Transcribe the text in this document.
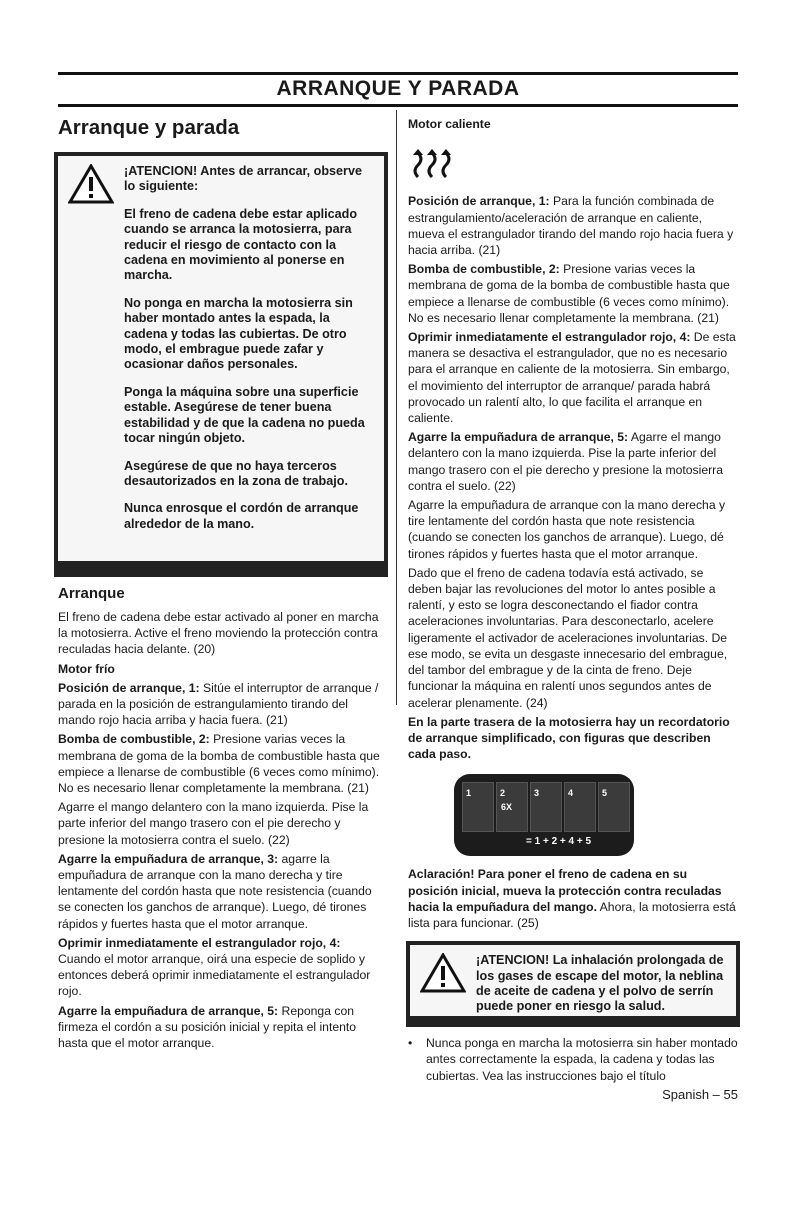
ARRANQUE Y PARADA
Arranque y parada

¡ATENCION! Antes de arrancar, observe lo siguiente:

El freno de cadena debe estar aplicado cuando se arranca la motosierra, para reducir el riesgo de contacto con la cadena en movimiento al ponerse en marcha.

No ponga en marcha la motosierra sin haber montado antes la espada, la cadena y todas las cubiertas. De otro modo, el embrague puede zafar y ocasionar daños personales.

Ponga la máquina sobre una superficie estable. Asegúrese de tener buena estabilidad y de que la cadena no pueda tocar ningún objeto.

Asegúrese de que no haya terceros desautorizados en la zona de trabajo.

Nunca enrosque el cordón de arranque alrededor de la mano.

Arranque

El freno de cadena debe estar activado al poner en marcha la motosierra. Active el freno moviendo la protección contra reculadas hacia delante. (20)

Motor frío

Posición de arranque, 1: Sitúe el interruptor de arranque / parada en la posición de estrangulamiento tirando del mando rojo hacia arriba y hacia fuera. (21)

Bomba de combustible, 2: Presione varias veces la membrana de goma de la bomba de combustible hasta que empiece a llenarse de combustible (6 veces como mínimo). No es necesario llenar completamente la membrana. (21)

Agarre el mango delantero con la mano izquierda. Pise la parte inferior del mango trasero con el pie derecho y presione la motosierra contra el suelo. (22)

Agarre la empuñadura de arranque, 3: agarre la empuñadura de arranque con la mano derecha y tire lentamente del cordón hasta que note resistencia (cuando se conecten los ganchos de arranque). Luego, dé tirones rápidos y fuertes hasta que el motor arranque.

Oprimir inmediatamente el estrangulador rojo, 4: Cuando el motor arranque, oirá una especie de soplido y entonces deberá oprimir inmediatamente el estrangulador rojo.

Agarre la empuñadura de arranque, 5: Reponga con firmeza el cordón a su posición inicial y repita el intento hasta que el motor arranque.

Motor caliente

Posición de arranque, 1: Para la función combinada de estrangulamiento/aceleración de arranque en caliente, mueva el estrangulador tirando del mando rojo hacia fuera y hacia arriba. (21)

Bomba de combustible, 2: Presione varias veces la membrana de goma de la bomba de combustible hasta que empiece a llenarse de combustible (6 veces como mínimo). No es necesario llenar completamente la membrana. (21)

Oprimir inmediatamente el estrangulador rojo, 4: De esta manera se desactiva el estrangulador, que no es necesario para el arranque en caliente de la motosierra. Sin embargo, el movimiento del interruptor de arranque/ parada habrá provocado un ralentí alto, lo que facilita el arranque en caliente.

Agarre la empuñadura de arranque, 5: Agarre el mango delantero con la mano izquierda. Pise la parte inferior del mango trasero con el pie derecho y presione la motosierra contra el suelo. (22)

Agarre la empuñadura de arranque con la mano derecha y tire lentamente del cordón hasta que note resistencia (cuando se conecten los ganchos de arranque). Luego, dé tirones rápidos y fuertes hasta que el motor arranque.

Dado que el freno de cadena todavía está activado, se deben bajar las revoluciones del motor lo antes posible a ralentí, y esto se logra desconectando el fiador contra aceleraciones involuntarias. Para desconectarlo, acelere ligeramente el activador de aceleraciones involuntarias. De ese modo, se evita un desgaste innecesario del embrague, del tambor del embrague y de la cinta de freno. Deje funcionar la máquina en ralentí unos segundos antes de acelerar plenamente. (24)

En la parte trasera de la motosierra hay un recordatorio de arranque simplificado, con figuras que describen cada paso.

1	2
6X
3	4	5
= 1 + 2 + 4 + 5

Aclaración! Para poner el freno de cadena en su posición inicial, mueva la protección contra reculadas hacia la empuñadura del mango. Ahora, la motosierra está lista para funcionar. (25)

¡ATENCION! La inhalación prolongada de los gases de escape del motor, la neblina de aceite de cadena y el polvo de serrín puede poner en riesgo la salud.

• Nunca ponga en marcha la motosierra sin haber montado antes correctamente la espada, la cadena y todas las cubiertas. Vea las instrucciones bajo el título

Spanish – 55
